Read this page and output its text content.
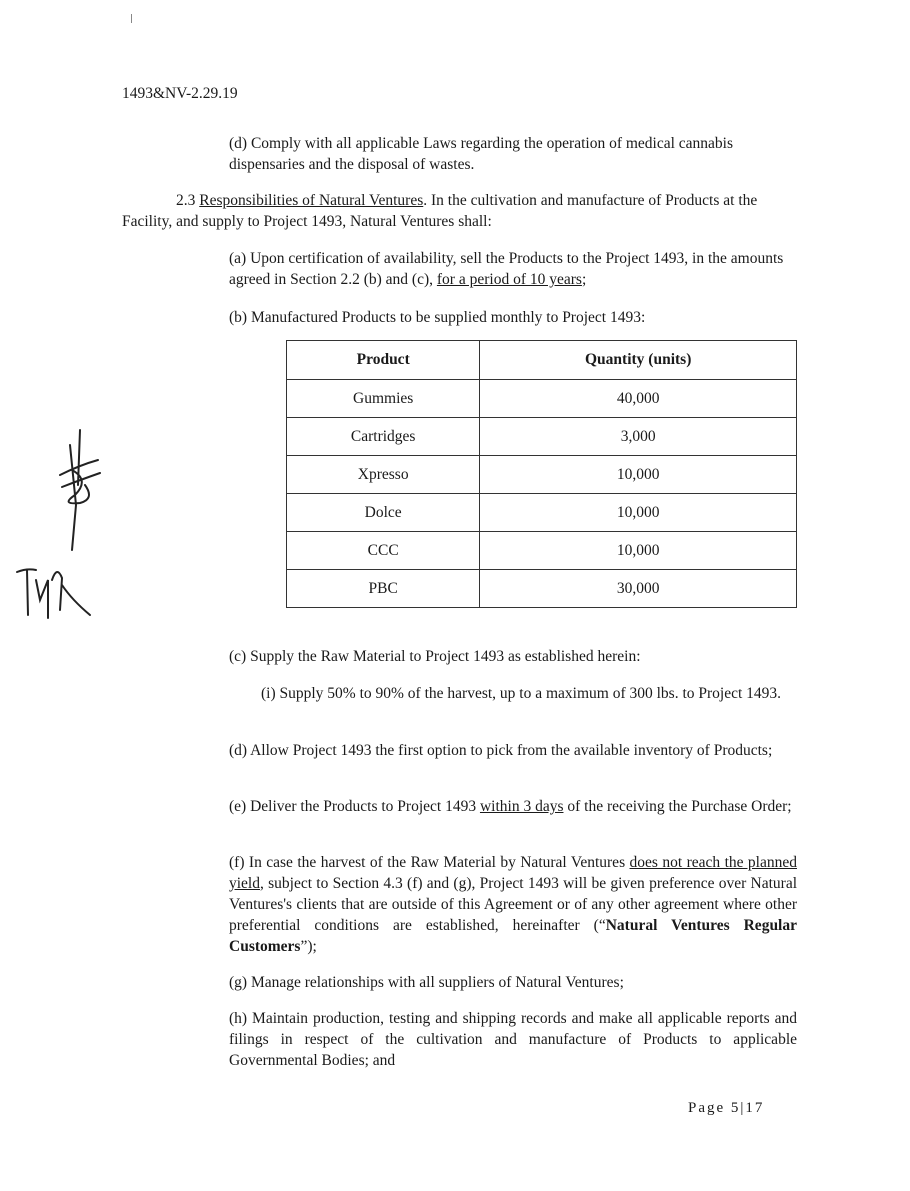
1493&NV-2.29.19
(d) Comply with all applicable Laws regarding the operation of medical cannabis dispensaries and the disposal of wastes.
2.3 Responsibilities of Natural Ventures. In the cultivation and manufacture of Products at the Facility, and supply to Project 1493, Natural Ventures shall:
(a) Upon certification of availability, sell the Products to the Project 1493, in the amounts agreed in Section 2.2 (b) and (c), for a period of 10 years;
(b) Manufactured Products to be supplied monthly to Project 1493:
Product	Quantity (units)
Gummies	40,000
Cartridges	3,000
Xpresso	10,000
Dolce	10,000
CCC	10,000
PBC	30,000
(c) Supply the Raw Material to Project 1493 as established herein:
(i) Supply 50% to 90% of the harvest, up to a maximum of 300 lbs. to Project 1493.
(d) Allow Project 1493 the first option to pick from the available inventory of Products;
(e) Deliver the Products to Project 1493 within 3 days of the receiving the Purchase Order;
(f) In case the harvest of the Raw Material by Natural Ventures does not reach the planned yield, subject to Section 4.3 (f) and (g), Project 1493 will be given preference over Natural Ventures's clients that are outside of this Agreement or of any other agreement where other preferential conditions are established, hereinafter (“Natural Ventures Regular Customers”);
(g) Manage relationships with all suppliers of Natural Ventures;
(h) Maintain production, testing and shipping records and make all applicable reports and filings in respect of the cultivation and manufacture of Products to applicable Governmental Bodies; and
Page 5|17
